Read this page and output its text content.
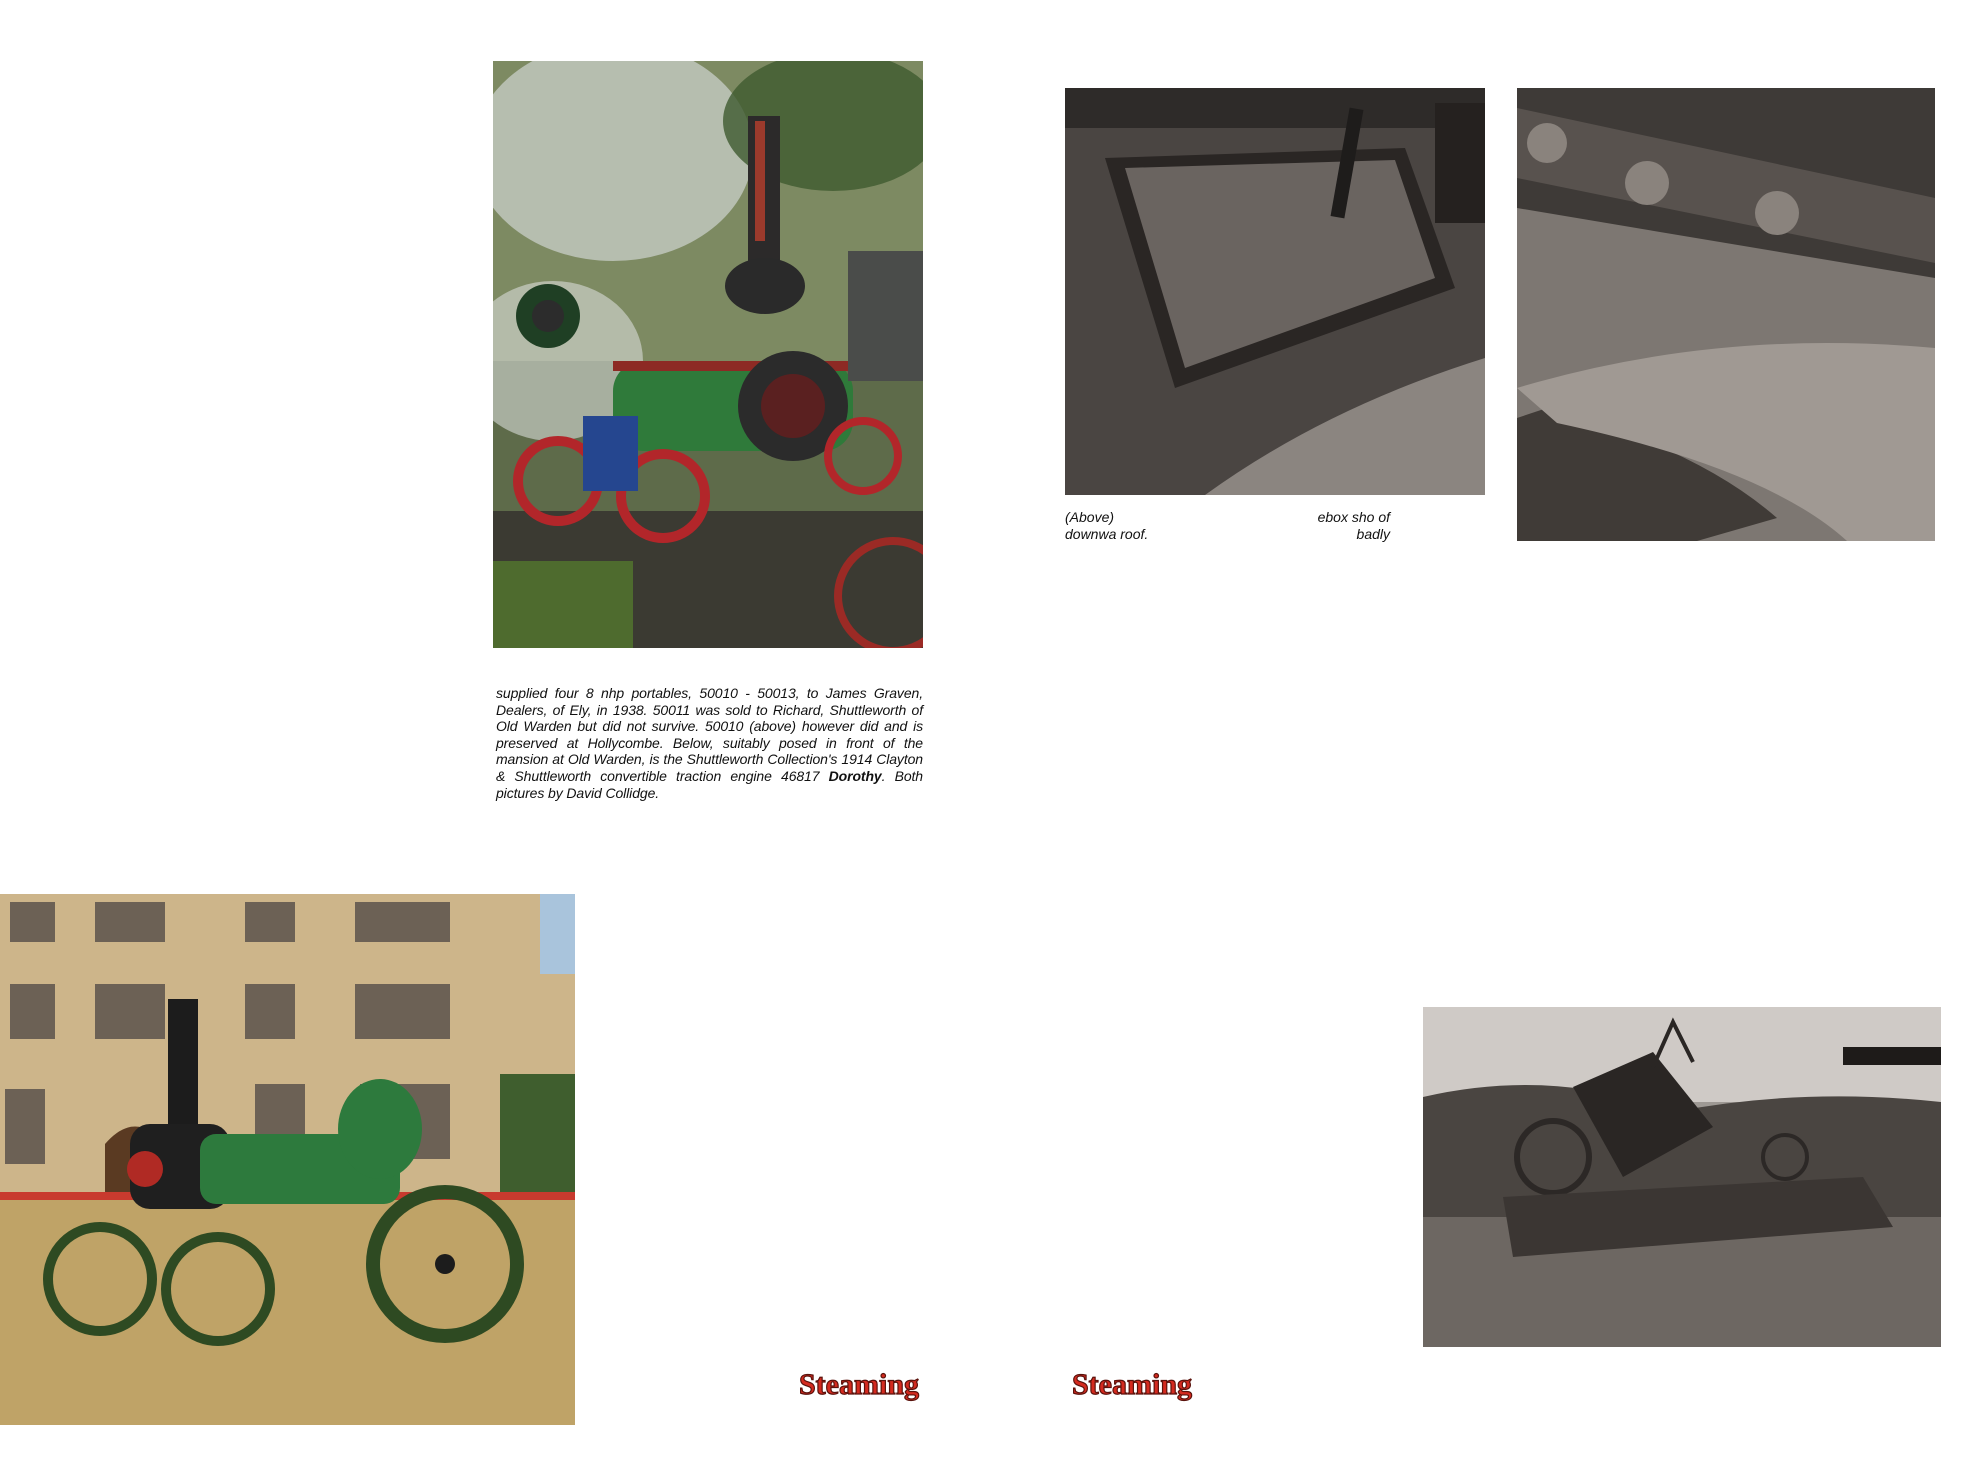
supplied four 8 nhp portables, 50010 - 50013, to James Graven, Dealers, of Ely, in 1938. 50011 was sold to Richard, Shuttleworth of Old Warden but did not survive. 50010 (above) however did and is preserved at Hollycombe. Below, suitably posed in front of the mansion at Old Warden, is the Shuttleworth Collection's 1914 Clayton & Shuttleworth convertible traction engine 46817 Dorothy. Both pictures by David Collidge.
(Above) downwa roof.
ebox sho of badly
Steaming	Steaming
